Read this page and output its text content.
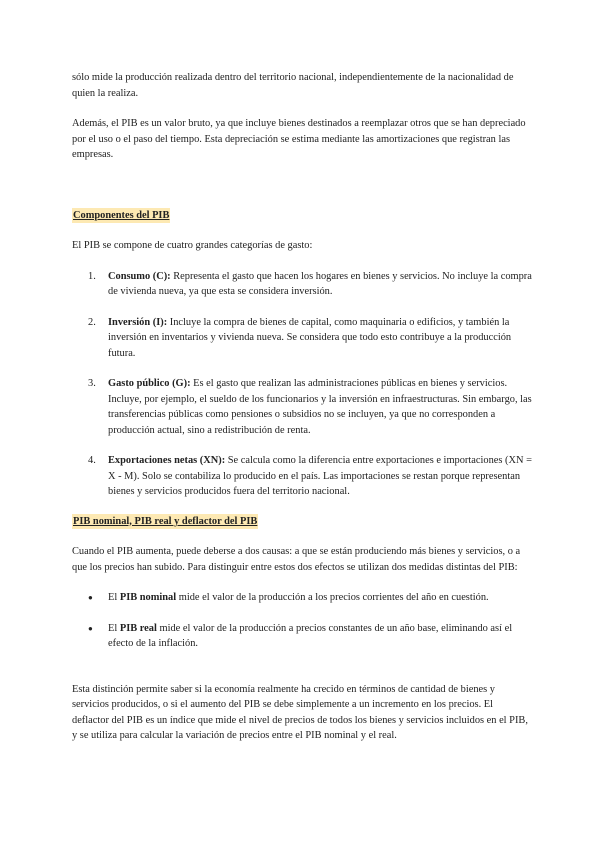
sólo mide la producción realizada dentro del territorio nacional, independientemente de la nacionalidad de quien la realiza.

Además, el PIB es un valor bruto, ya que incluye bienes destinados a reemplazar otros que se han depreciado por el uso o el paso del tiempo. Esta depreciación se estima mediante las amortizaciones que registran las empresas.

Componentes del PIB

El PIB se compone de cuatro grandes categorías de gasto:

1. Consumo (C): Representa el gasto que hacen los hogares en bienes y servicios. No incluye la compra de vivienda nueva, ya que esta se considera inversión.
2. Inversión (I): Incluye la compra de bienes de capital, como maquinaria o edificios, y también la inversión en inventarios y vivienda nueva. Se considera que todo esto contribuye a la producción futura.
3. Gasto público (G): Es el gasto que realizan las administraciones públicas en bienes y servicios. Incluye, por ejemplo, el sueldo de los funcionarios y la inversión en infraestructuras. Sin embargo, las transferencias públicas como pensiones o subsidios no se incluyen, ya que no corresponden a producción actual, sino a redistribución de renta.
4. Exportaciones netas (XN): Se calcula como la diferencia entre exportaciones e importaciones (XN = X - M). Solo se contabiliza lo producido en el país. Las importaciones se restan porque representan bienes y servicios producidos fuera del territorio nacional.
PIB nominal, PIB real y deflactor del PIB

Cuando el PIB aumenta, puede deberse a dos causas: a que se están produciendo más bienes y servicios, o a que los precios han subido. Para distinguir entre estos dos efectos se utilizan dos medidas distintas del PIB:

● El PIB nominal mide el valor de la producción a los precios corrientes del año en cuestión.
● El PIB real mide el valor de la producción a precios constantes de un año base, eliminando así el efecto de la inflación.

Esta distinción permite saber si la economía realmente ha crecido en términos de cantidad de bienes y servicios producidos, o si el aumento del PIB se debe simplemente a un incremento en los precios. El deflactor del PIB es un índice que mide el nivel de precios de todos los bienes y servicios incluidos en el PIB, y se utiliza para calcular la variación de precios entre el PIB nominal y el real.
